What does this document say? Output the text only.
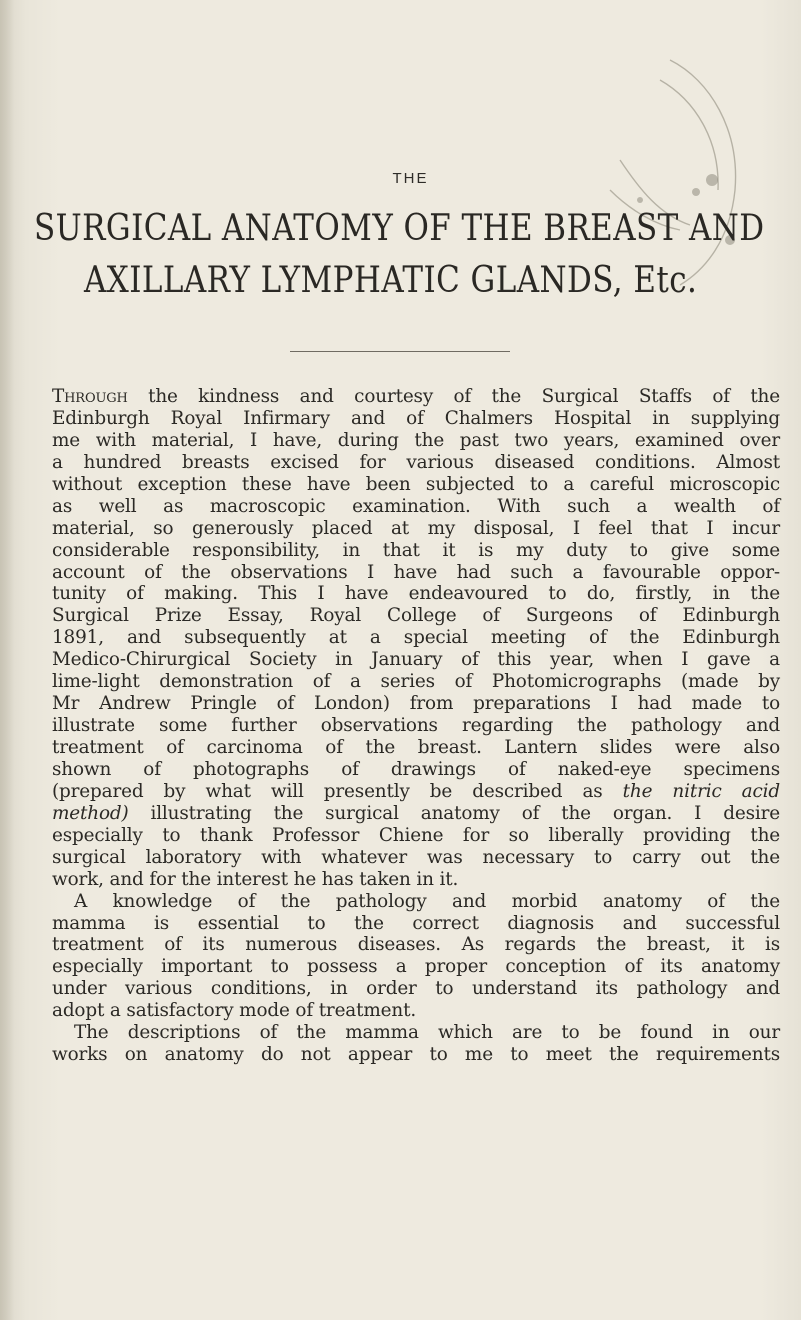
THE
SURGICAL ANATOMY OF THE BREAST AND
AXILLARY LYMPHATIC GLANDS, Etc.
Through the kindness and courtesy of the Surgical Staffs of the
Edinburgh Royal Infirmary and of Chalmers Hospital in supplying
me with material, I have, during the past two years, examined over
a hundred breasts excised for various diseased conditions. Almost
without exception these have been subjected to a careful microscopic
as well as macroscopic examination. With such a wealth of
material, so generously placed at my disposal, I feel that I incur
considerable responsibility, in that it is my duty to give some
account of the observations I have had such a favourable oppor-
tunity of making. This I have endeavoured to do, firstly, in the
Surgical Prize Essay, Royal College of Surgeons of Edinburgh
1891, and subsequently at a special meeting of the Edinburgh
Medico-Chirurgical Society in January of this year, when I gave a
lime-light demonstration of a series of Photomicrographs (made by
Mr Andrew Pringle of London) from preparations I had made to
illustrate some further observations regarding the pathology and
treatment of carcinoma of the breast. Lantern slides were also
shown of photographs of drawings of naked-eye specimens
(prepared by what will presently be described as the nitric acid
method) illustrating the surgical anatomy of the organ. I desire
especially to thank Professor Chiene for so liberally providing the
surgical laboratory with whatever was necessary to carry out the
work, and for the interest he has taken in it.
A knowledge of the pathology and morbid anatomy of the
mamma is essential to the correct diagnosis and successful
treatment of its numerous diseases. As regards the breast, it is
especially important to possess a proper conception of its anatomy
under various conditions, in order to understand its pathology and
adopt a satisfactory mode of treatment.
The descriptions of the mamma which are to be found in our
works on anatomy do not appear to me to meet the requirements
